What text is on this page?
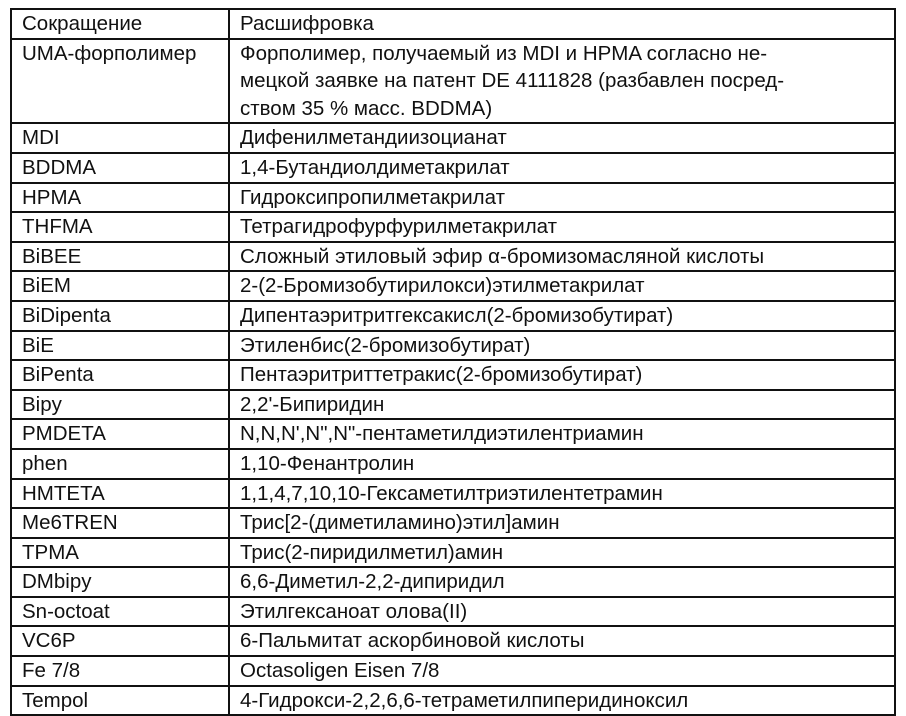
Сокращение	Расшифровка
UMA-форполимер	Форполимер, получаемый из MDI и HPMA согласно не-
мецкой заявке на патент DE 4111828 (разбавлен посред-
ством 35 % масс. BDDMA)
MDI	Дифенилметандиизоцианат
BDDMA	1,4-Бутандиолдиметакрилат
HPMA	Гидроксипропилметакрилат
THFMA	Тетрагидрофурфурилметакрилат
BiBEE	Сложный этиловый эфир α-бромизомасляной кислоты
BiEM	2-(2-Бромизобутирилокси)этилметакрилат
BiDipenta	Дипентаэритритгексакисл(2-бромизобутират)
BiE	Этиленбис(2-бромизобутират)
BiPenta	Пентаэритриттетракис(2-бромизобутират)
Bipy	2,2'-Бипиридин
PMDETA	N,N,N',N",N"-пентаметилдиэтилентриамин
phen	1,10-Фенантролин
HMTETA	1,1,4,7,10,10-Гексаметилтриэтилентетрамин
Me6TREN	Трис[2-(диметиламино)этил]амин
TPMA	Трис(2-пиридилметил)амин
DMbipy	6,6-Диметил-2,2-дипиридил
Sn-octoat	Этилгексаноат олова(II)
VC6P	6-Пальмитат аскорбиновой кислоты
Fe 7/8	Octasoligen Eisen 7/8
Tempol	4-Гидрокси-2,2,6,6-тетраметилпиперидиноксил
